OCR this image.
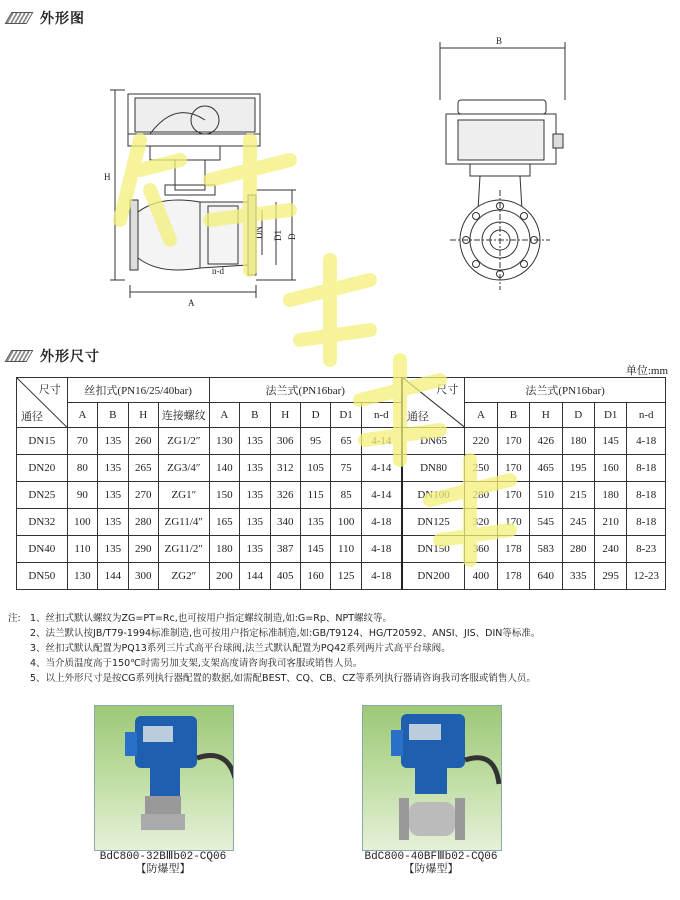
外形图
B
H
A
DN D1 D
n-d
外形尺寸
单位:mm
尺寸
通径	丝扣式(PN16/25/40bar)				法兰式(PN16bar)						尺寸
通径	法兰式(PN16bar)					
	A	B	H	连接螺纹	A	B	H	D	D1	n-d		A	B	H	D	D1	n-d
DN15	70	135	260	ZG1/2″	130	135	306	95	65	4-14	DN65	220	170	426	180	145	4-18
DN20	80	135	265	ZG3/4″	140	135	312	105	75	4-14	DN80	250	170	465	195	160	8-18
DN25	90	135	270	ZG1″	150	135	326	115	85	4-14	DN100	280	170	510	215	180	8-18
DN32	100	135	280	ZG11/4″	165	135	340	135	100	4-18	DN125	320	170	545	245	210	8-18
DN40	110	135	290	ZG11/2″	180	135	387	145	110	4-18	DN150	360	178	583	280	240	8-23
DN50	130	144	300	ZG2″	200	144	405	160	125	4-18	DN200	400	178	640	335	295	12-23
注: 1、丝扣式默认螺纹为ZG=PT=Rc,也可按用户指定螺纹制造,如:G=Rp、NPT螺纹等。
2、法兰默认按JB/T79-1994标准制造,也可按用户指定标准制造,如:GB/T9124、HG/T20592、ANSI、JIS、DIN等标准。
3、丝扣式默认配置为PQ13系列三片式高平台球阀,法兰式默认配置为PQ42系列两片式高平台球阀。
4、当介质温度高于150℃时需另加支架,支架高度请咨询我司客服或销售人员。
5、以上外形尺寸是按CG系列执行器配置的数据,如需配BEST、CQ、CB、CZ等系列执行器请咨询我司客服或销售人员。
BdC800-32BⅢb02-CQ06
【防爆型】
BdC800-40BFⅢb02-CQ06
【防爆型】
